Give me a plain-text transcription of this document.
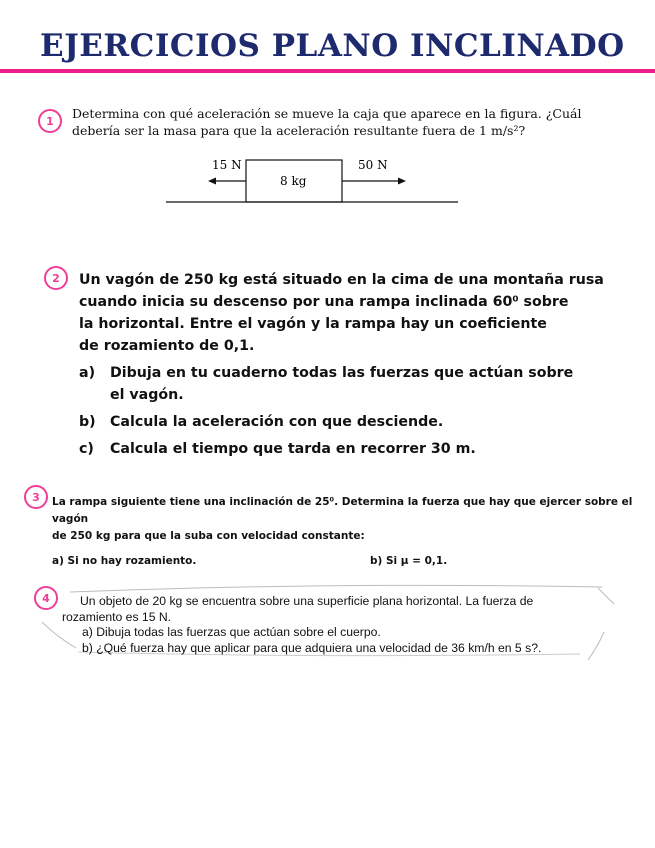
EJERCICIOS PLANO INCLINADO
1	Determina con qué aceleración se mueve la caja que aparece en la figura. ¿Cuál
debería ser la masa para que la aceleración resultante fuera de 1 m/s²?
15 N
8 kg
50 N
2	Un vagón de 250 kg está situado en la cima de una montaña rusa
cuando inicia su descenso por una rampa inclinada 60⁰ sobre
la horizontal. Entre el vagón y la rampa hay un coeficiente
de rozamiento de 0,1.
a)	Dibuja en tu cuaderno todas las fuerzas que actúan sobre
el vagón.
b)	Calcula la aceleración con que desciende.
c)	Calcula el tiempo que tarda en recorrer 30 m.
3	La rampa siguiente tiene una inclinación de 25⁰. Determina la fuerza que hay que ejercer sobre el vagón
de 250 kg para que la suba con velocidad constante:
a) Si no hay rozamiento.	b) Si μ = 0,1.
4	Un objeto de 20 kg se encuentra sobre una superficie plana horizontal. La fuerza de
rozamiento es 15 N.
a) Dibuja todas las fuerzas que actúan sobre el cuerpo.
b) ¿Qué fuerza hay que aplicar para que adquiera una velocidad de 36 km/h en 5 s?.
